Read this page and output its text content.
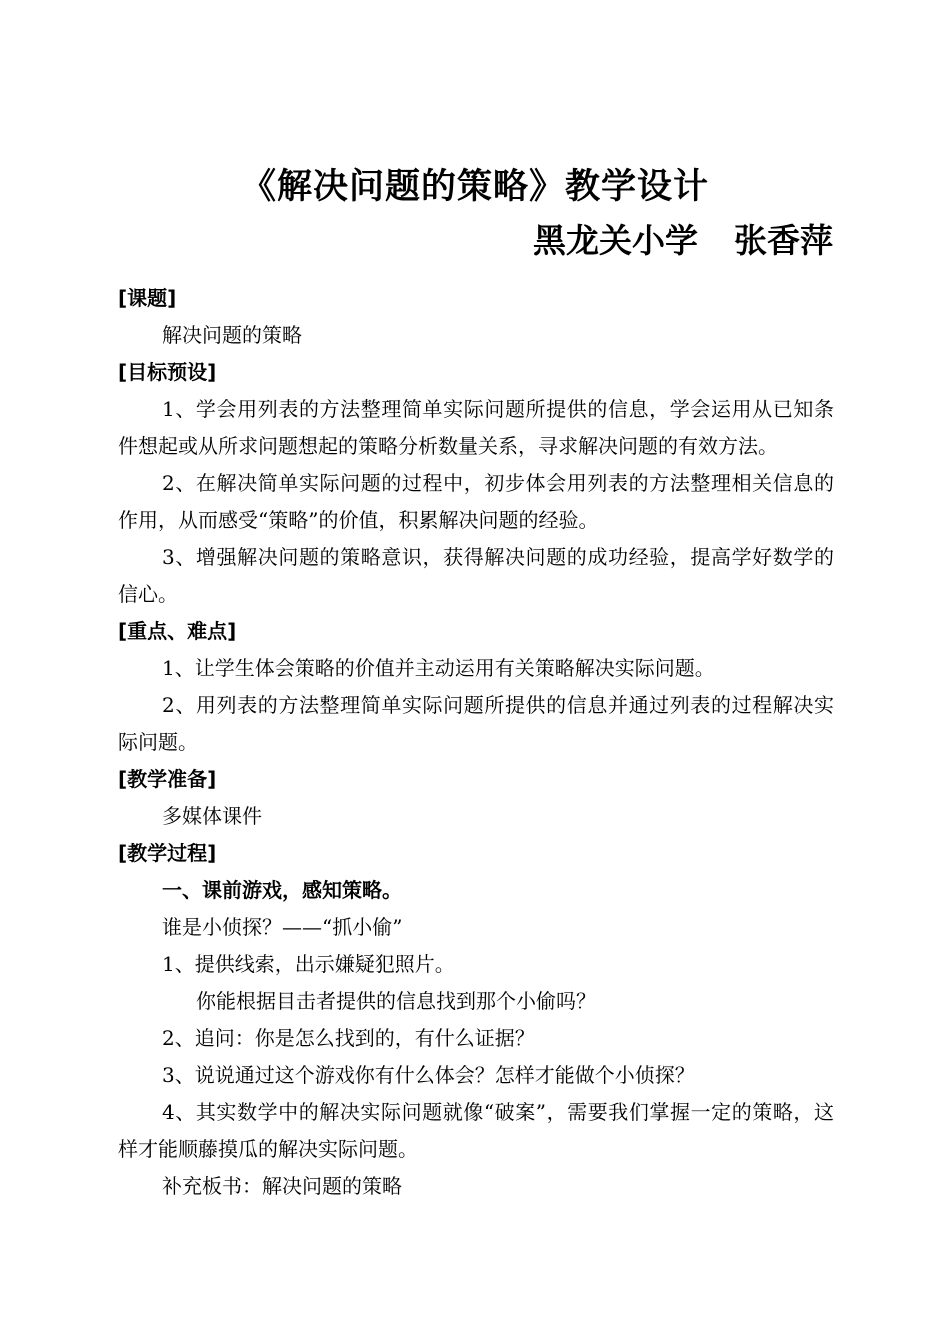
《解决问题的策略》教学设计
黑龙关小学 张香萍

[课题]

解决问题的策略

[目标预设]

1、学会用列表的方法整理简单实际问题所提供的信息，学会运用从已知条件想起或从所求问题想起的策略分析数量关系，寻求解决问题的有效方法。

2、在解决简单实际问题的过程中，初步体会用列表的方法整理相关信息的作用，从而感受“策略”的价值，积累解决问题的经验。

3、增强解决问题的策略意识，获得解决问题的成功经验，提高学好数学的信心。

[重点、难点]

1、让学生体会策略的价值并主动运用有关策略解决实际问题。

2、用列表的方法整理简单实际问题所提供的信息并通过列表的过程解决实际问题。

[教学准备]

多媒体课件

[教学过程]

一、课前游戏，感知策略。

谁是小侦探？——“抓小偷”

1、提供线索，出示嫌疑犯照片。

你能根据目击者提供的信息找到那个小偷吗？

2、追问：你是怎么找到的，有什么证据？

3、说说通过这个游戏你有什么体会？怎样才能做个小侦探？

4、其实数学中的解决实际问题就像“破案”，需要我们掌握一定的策略，这样才能顺藤摸瓜的解决实际问题。

补充板书：解决问题的策略
